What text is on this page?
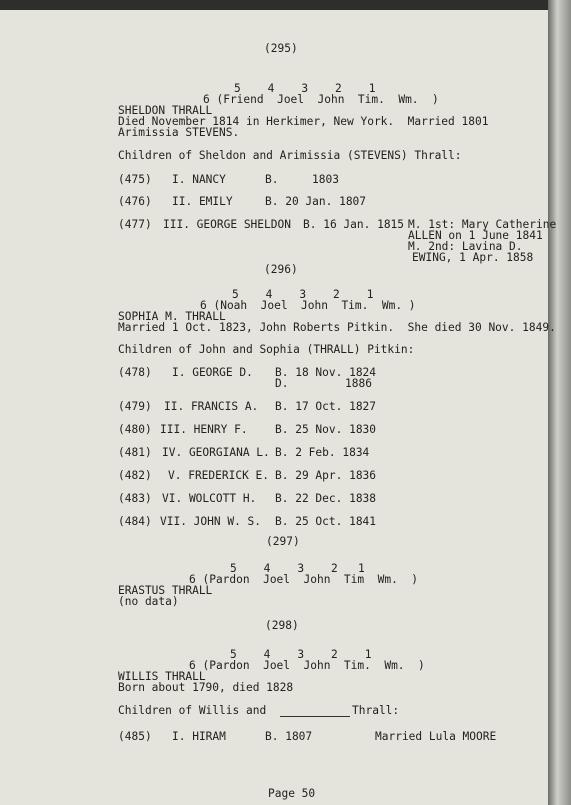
(295)
5    4    3    2    1
6 (Friend  Joel  John  Tim.  Wm.  )
SHELDON THRALL
Died November 1814 in Herkimer, New York.  Married 1801
Arimissia STEVENS.
Children of Sheldon and Arimissia (STEVENS) Thrall:
(475) I. NANCY	B.	1803
(476) II. EMILY	B. 20 Jan. 1807
(477) III. GEORGE SHELDON B. 16 Jan. 1815 M. 1st: Mary Catherine
ALLEN on 1 June 1841
M. 2nd: Lavina D.
EWING, 1 Apr. 1858
(296)
5    4    3    2    1
6 (Noah  Joel  John  Tim.  Wm. )
SOPHIA M. THRALL
Married 1 Oct. 1823, John Roberts Pitkin.  She died 30 Nov. 1849.
Children of John and Sophia (THRALL) Pitkin:
(478) I. GEORGE D. B. 18 Nov. 1824
D.	1886
(479) II. FRANCIS A. B. 17 Oct. 1827
(480) III. HENRY F. B. 25 Nov. 1830
(481) IV. GEORGIANA L. B. 2 Feb. 1834
(482) V. FREDERICK E. B. 29 Apr. 1836
(483) VI. WOLCOTT H. B. 22 Dec. 1838
(484) VII. JOHN W. S. B. 25 Oct. 1841
(297)
5    4    3    2   1
6 (Pardon  Joel  John  Tim  Wm.  )
ERASTUS THRALL
(no data)
(298)
5    4    3    2    1
6 (Pardon  Joel  John  Tim.  Wm.  )
WILLIS THRALL
Born about 1790, died 1828
Children of Willis and	Thrall:
(485) I. HIRAM	B. 1807	Married Lula MOORE
Page 50
